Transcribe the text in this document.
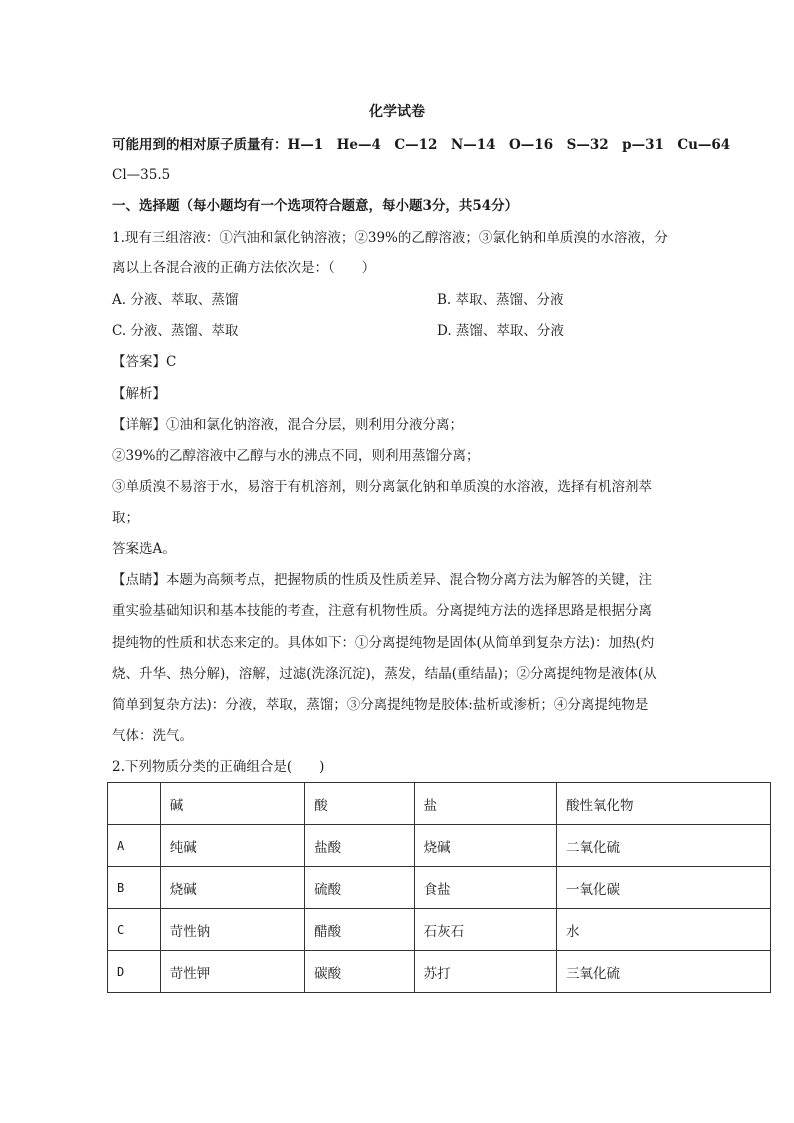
化学试卷
可能用到的相对原子质量有：H—1　He—4　C—12　N—14　O—16　S—32　p—31　Cu—64
Cl—35.5
一、选择题（每小题均有一个选项符合题意，每小题3分，共54分）
1.现有三组溶液：①汽油和氯化钠溶液；②39%的乙醇溶液；③氯化钠和单质溴的水溶液，分
离以上各混合液的正确方法依次是：（　　）
A. 分液、萃取、蒸馏	B. 萃取、蒸馏、分液
C. 分液、蒸馏、萃取	D. 蒸馏、萃取、分液
【答案】C
【解析】
【详解】①油和氯化钠溶液，混合分层，则利用分液分离；
②39%的乙醇溶液中乙醇与水的沸点不同，则利用蒸馏分离；
③单质溴不易溶于水，易溶于有机溶剂，则分离氯化钠和单质溴的水溶液，选择有机溶剂萃
取；
答案选A。
【点睛】本题为高频考点，把握物质的性质及性质差异、混合物分离方法为解答的关键，注
重实验基础知识和基本技能的考查，注意有机物性质。分离提纯方法的选择思路是根据分离
提纯物的性质和状态来定的。具体如下：①分离提纯物是固体(从简单到复杂方法)：加热(灼
烧、升华、热分解)，溶解，过滤(洗涤沉淀)，蒸发，结晶(重结晶)；②分离提纯物是液体(从
简单到复杂方法)：分液，萃取，蒸馏；③分离提纯物是胶体:盐析或渗析；④分离提纯物是
气体：洗气。
2.下列物质分类的正确组合是(　　)
	碱	酸	盐	酸性氧化物
A	纯碱	盐酸	烧碱	二氧化硫
B	烧碱	硫酸	食盐	一氧化碳
C	苛性钠	醋酸	石灰石	水
D	苛性钾	碳酸	苏打	三氧化硫
